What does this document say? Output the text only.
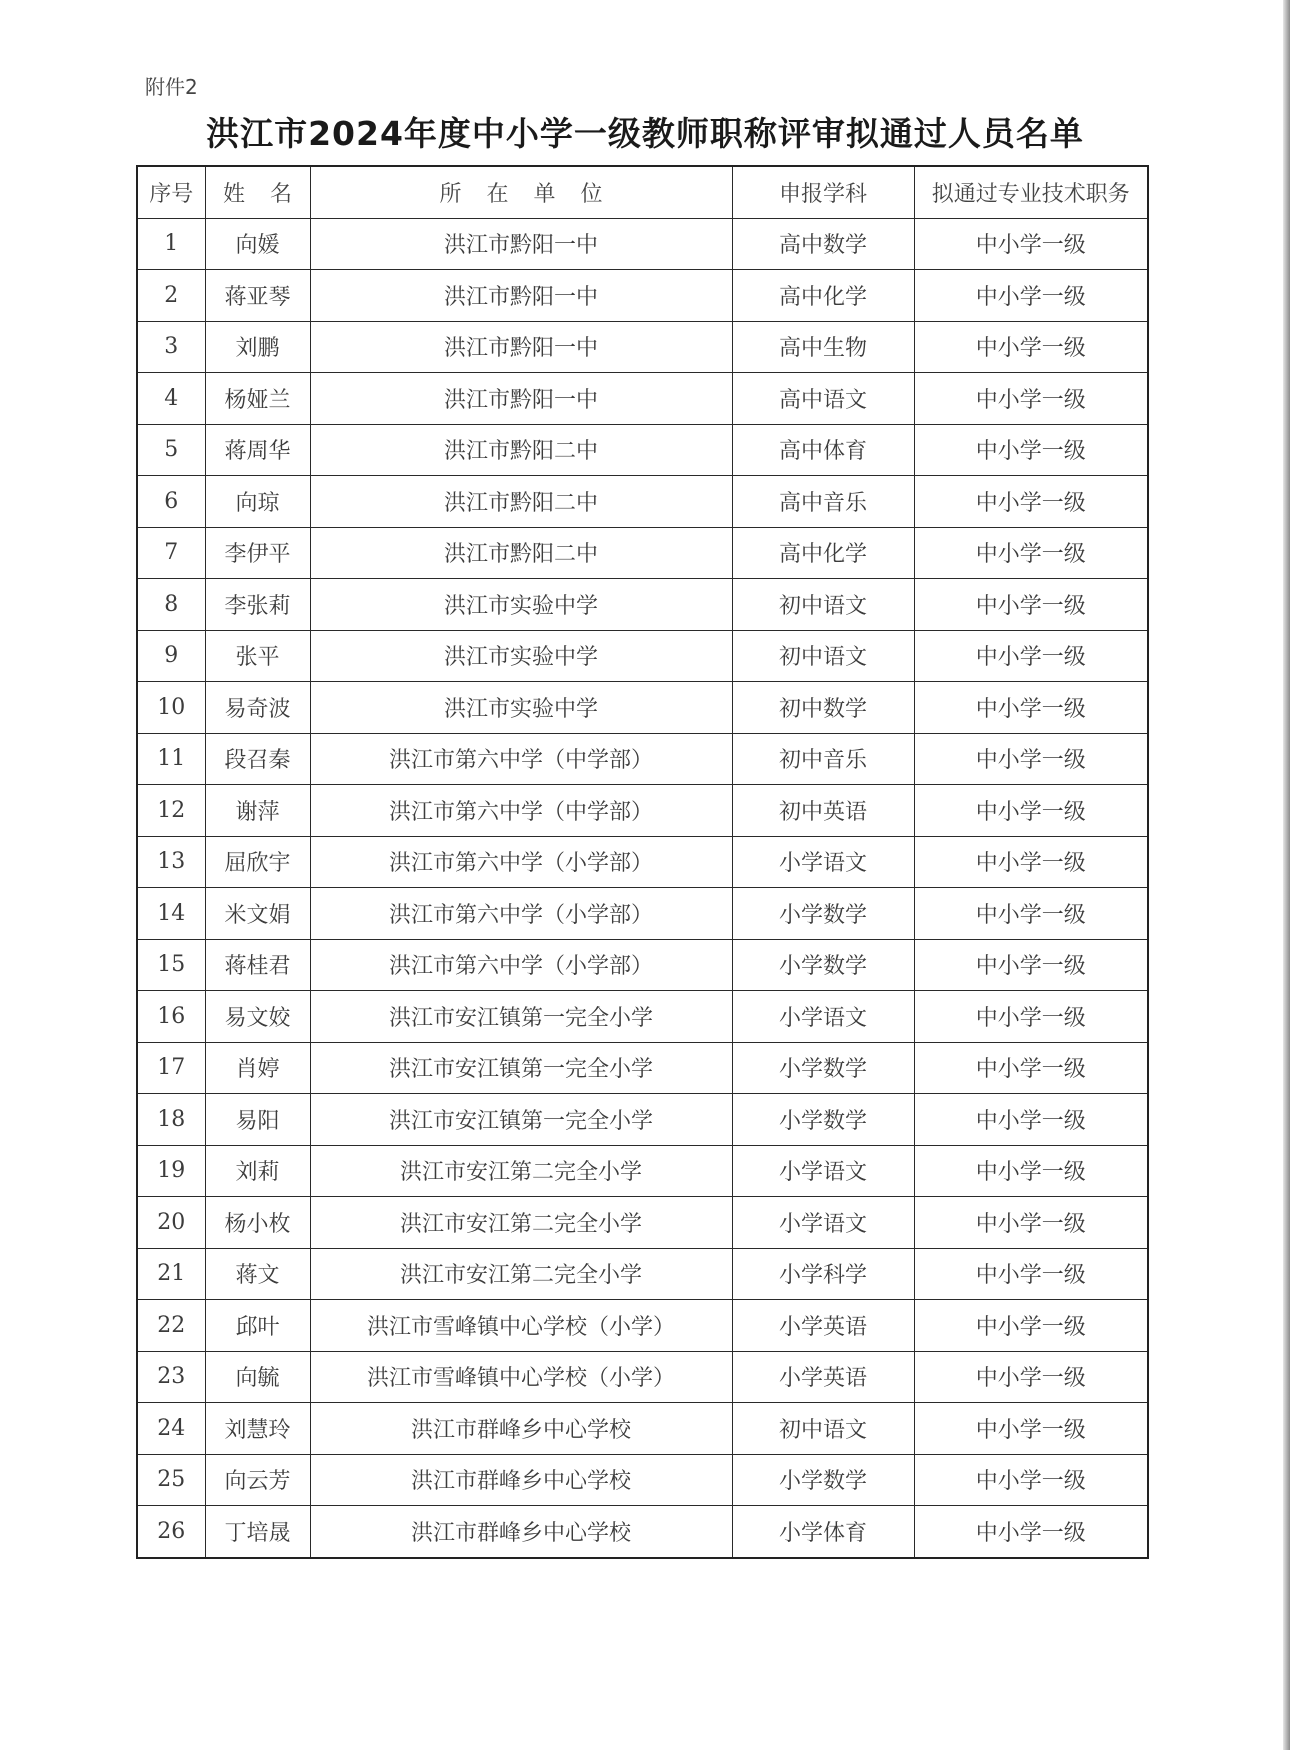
附件2
洪江市2024年度中小学一级教师职称评审拟通过人员名单
序号	姓 名	所 在 单 位	申报学科	拟通过专业技术职务
1	向媛	洪江市黔阳一中	高中数学	中小学一级
2	蒋亚琴	洪江市黔阳一中	高中化学	中小学一级
3	刘鹏	洪江市黔阳一中	高中生物	中小学一级
4	杨娅兰	洪江市黔阳一中	高中语文	中小学一级
5	蒋周华	洪江市黔阳二中	高中体育	中小学一级
6	向琼	洪江市黔阳二中	高中音乐	中小学一级
7	李伊平	洪江市黔阳二中	高中化学	中小学一级
8	李张莉	洪江市实验中学	初中语文	中小学一级
9	张平	洪江市实验中学	初中语文	中小学一级
10	易奇波	洪江市实验中学	初中数学	中小学一级
11	段召秦	洪江市第六中学（中学部）	初中音乐	中小学一级
12	谢萍	洪江市第六中学（中学部）	初中英语	中小学一级
13	屈欣宇	洪江市第六中学（小学部）	小学语文	中小学一级
14	米文娟	洪江市第六中学（小学部）	小学数学	中小学一级
15	蒋桂君	洪江市第六中学（小学部）	小学数学	中小学一级
16	易文姣	洪江市安江镇第一完全小学	小学语文	中小学一级
17	肖婷	洪江市安江镇第一完全小学	小学数学	中小学一级
18	易阳	洪江市安江镇第一完全小学	小学数学	中小学一级
19	刘莉	洪江市安江第二完全小学	小学语文	中小学一级
20	杨小枚	洪江市安江第二完全小学	小学语文	中小学一级
21	蒋文	洪江市安江第二完全小学	小学科学	中小学一级
22	邱叶	洪江市雪峰镇中心学校（小学）	小学英语	中小学一级
23	向毓	洪江市雪峰镇中心学校（小学）	小学英语	中小学一级
24	刘慧玲	洪江市群峰乡中心学校	初中语文	中小学一级
25	向云芳	洪江市群峰乡中心学校	小学数学	中小学一级
26	丁培晟	洪江市群峰乡中心学校	小学体育	中小学一级
